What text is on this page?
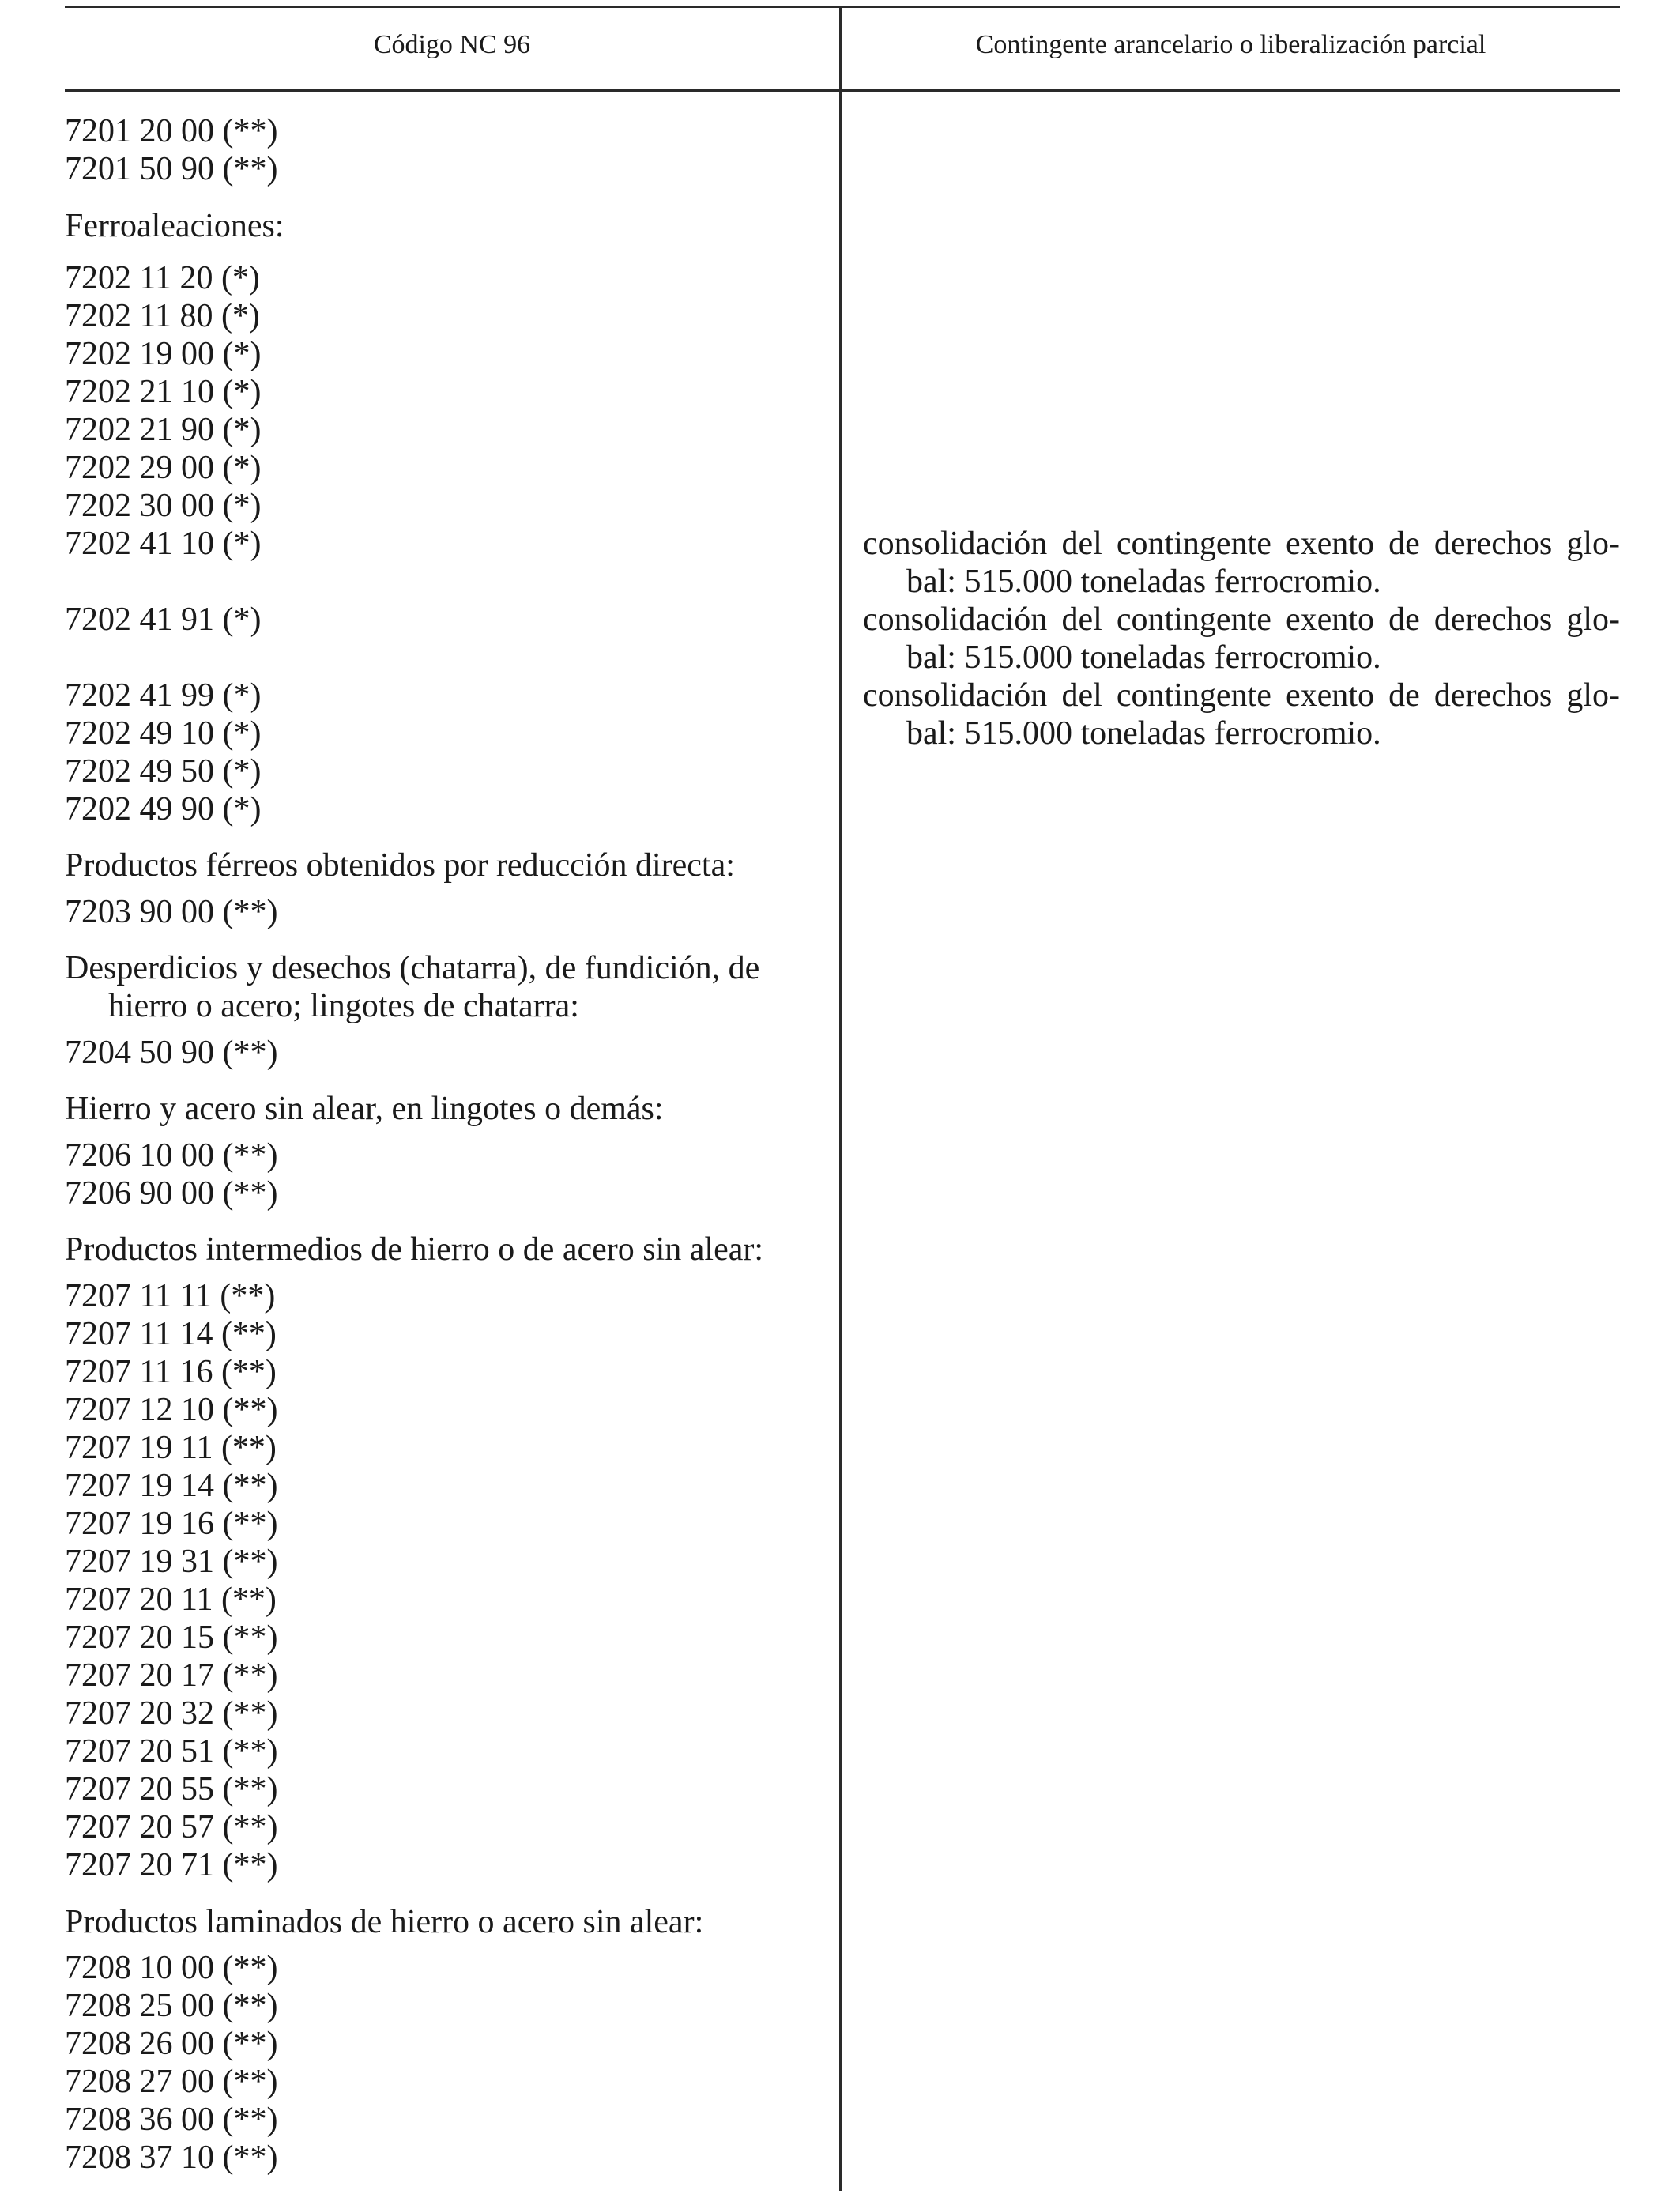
Código NC 96	Contingente arancelario o liberalización parcial
7201 20 00 (**)
7201 50 90 (**)
Ferroaleaciones:
7202 11 20 (*)
7202 11 80 (*)
7202 19 00 (*)
7202 21 10 (*)
7202 21 90 (*)
7202 29 00 (*)
7202 30 00 (*)
7202 41 10 (*)
7202 41 91 (*)
7202 41 99 (*)
7202 49 10 (*)
7202 49 50 (*)
7202 49 90 (*)
Productos férreos obtenidos por reducción directa:
7203 90 00 (**)
Desperdicios y desechos (chatarra), de fundición, de
hierro o acero; lingotes de chatarra:
7204 50 90 (**)
Hierro y acero sin alear, en lingotes o demás:
7206 10 00 (**)
7206 90 00 (**)
Productos intermedios de hierro o de acero sin alear:
7207 11 11 (**)
7207 11 14 (**)
7207 11 16 (**)
7207 12 10 (**)
7207 19 11 (**)
7207 19 14 (**)
7207 19 16 (**)
7207 19 31 (**)
7207 20 11 (**)
7207 20 15 (**)
7207 20 17 (**)
7207 20 32 (**)
7207 20 51 (**)
7207 20 55 (**)
7207 20 57 (**)
7207 20 71 (**)
Productos laminados de hierro o acero sin alear:
7208 10 00 (**)
7208 25 00 (**)
7208 26 00 (**)
7208 27 00 (**)
7208 36 00 (**)
7208 37 10 (**)
consolidación del contingente exento de derechos glo-
bal: 515.000 toneladas ferrocromio.
consolidación del contingente exento de derechos glo-
bal: 515.000 toneladas ferrocromio.
consolidación del contingente exento de derechos glo-
bal: 515.000 toneladas ferrocromio.
